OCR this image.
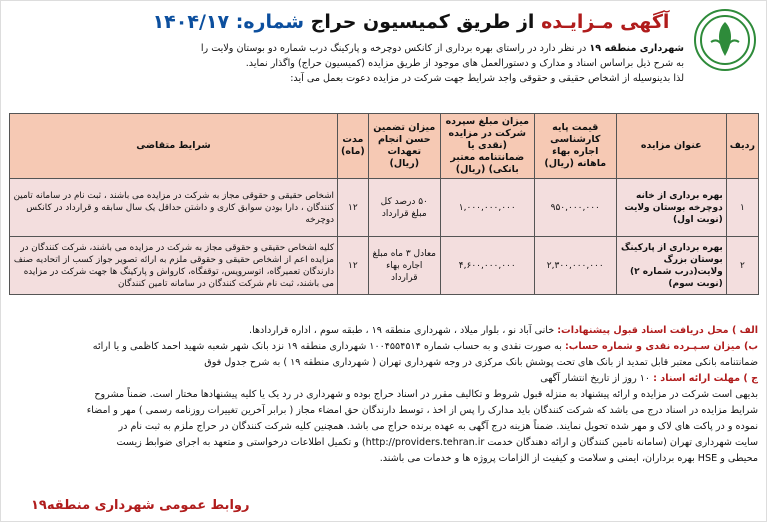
آگهی مـزایـده از طریق کمیسیون حراج شماره: ۱۴۰۴/۱۷
شهرداری منطقه ۱۹ در نظر دارد در راستای بهره برداری از کانکس دوچرخه و پارکینگ درب شماره دو بوستان ولایت را
به شرح ذیل براساس اسناد و مدارک و دستورالعمل های موجود از طریق مزایده (کمیسیون حراج) واگذار نماید.
لذا بدینوسیله از اشخاص حقیقی و حقوقی واجد شرایط جهت شرکت در مزایده دعوت بعمل می آید:
ردیف	عنوان مزایده	قیمت پایه کارشناسی اجاره بهاء ماهانه (ریال)	میزان مبلغ سپرده شرکت در مزایده (نقدی یا ضمانتنامه معتبر بانکی) (ریال)	میزان تضمین حسن انجام تعهدات (ریال)	مدت (ماه)	شرایط متقاضی
۱	بهره برداری از خانه دوچرخه بوستان ولایت (نوبت اول)	۹۵۰,۰۰۰,۰۰۰	۱,۰۰۰,۰۰۰,۰۰۰	۵۰ درصد کل مبلغ قرارداد	۱۲	اشخاص حقیقی و حقوقی مجاز به شرکت در مزایده می باشند ، ثبت نام در سامانه تامین کنندگان ، دارا بودن سوابق کاری و داشتن حداقل یک سال سابقه و قرارداد در کانکس دوچرخه
۲	بهره برداری از پارکینگ بوستان بزرگ ولایت(درب شماره ۲) (نوبت سوم)	۲,۳۰۰,۰۰۰,۰۰۰	۴,۶۰۰,۰۰۰,۰۰۰	معادل ۳ ماه مبلغ اجاره بهاء قرارداد	۱۲	کلیه اشخاص حقیقی و حقوقی مجاز به شرکت در مزایده می باشند، شرکت کنندگان در مزایده اعم از اشخاص حقیقی و حقوقی ملزم به ارائه تصویر جواز کسب از اتحادیه صنف دارندگان تعمیرگاه، اتوسرویس، توقفگاه، کارواش و پارکینگ ها جهت شرکت در مزایده می باشند، ثبت نام شرکت کنندگان در سامانه تامین کنندگان

الف ) محل دریافت اسناد قبول پیشنهادات: خانی آباد نو ، بلوار میلاد ، شهرداری منطقه ۱۹ ، طبقه سوم ، اداره قراردادها.

ب) میزان سـپـرده نقدی و شماره حساب: به صورت نقدی و به حساب شماره ۱۰۰۴۵۵۴۵۱۴ شهرداری منطقه ۱۹ نزد بانک شهر شعبه شهید احمد کاظمی و یا ارائه

ضمانتنامه بانکی معتبر قابل تمدید از بانک های تحت پوشش بانک مرکزی در وجه شهرداری تهران ( شهرداری منطقه ۱۹ ) به شرح جدول فوق

ج ) مهلت ارائه اسناد : ۱۰ روز از تاریخ انتشار آگهی

بدیهی است شرکت در مزایده و ارائه پیشنهاد به منزله قبول شروط و تکالیف مقرر در اسناد حراج بوده و شهرداری در رد یک یا کلیه پیشنهادها مختار است. ضمناً مشروح

شرایط مزایده در اسناد درج می باشد که شرکت کنندگان باید مدارک را پس از اخذ ، توسط دارندگان حق امضاء مجاز ( برابر آخرین تغییرات روزنامه رسمی ) مهر و امضاء

نموده و در پاکت های لاک و مهر شده تحویل نمایند. ضمناً هزینه درج آگهی به عهده برنده حراج می باشد. همچنین کلیه شرکت کنندگان در حراج ملزم به ثبت نام در

سایت شهرداری تهران (سامانه تامین کنندگان و ارائه دهندگان خدمت http://providers.tehran.ir) و تکمیل اطلاعات درخواستی و متعهد به اجرای ضوابط زیست

محیطی و HSE بهره برداران، ایمنی و سلامت و کیفیت از الزامات پروژه ها و خدمات می باشند.

روابط عمومی شهرداری منطقه۱۹
